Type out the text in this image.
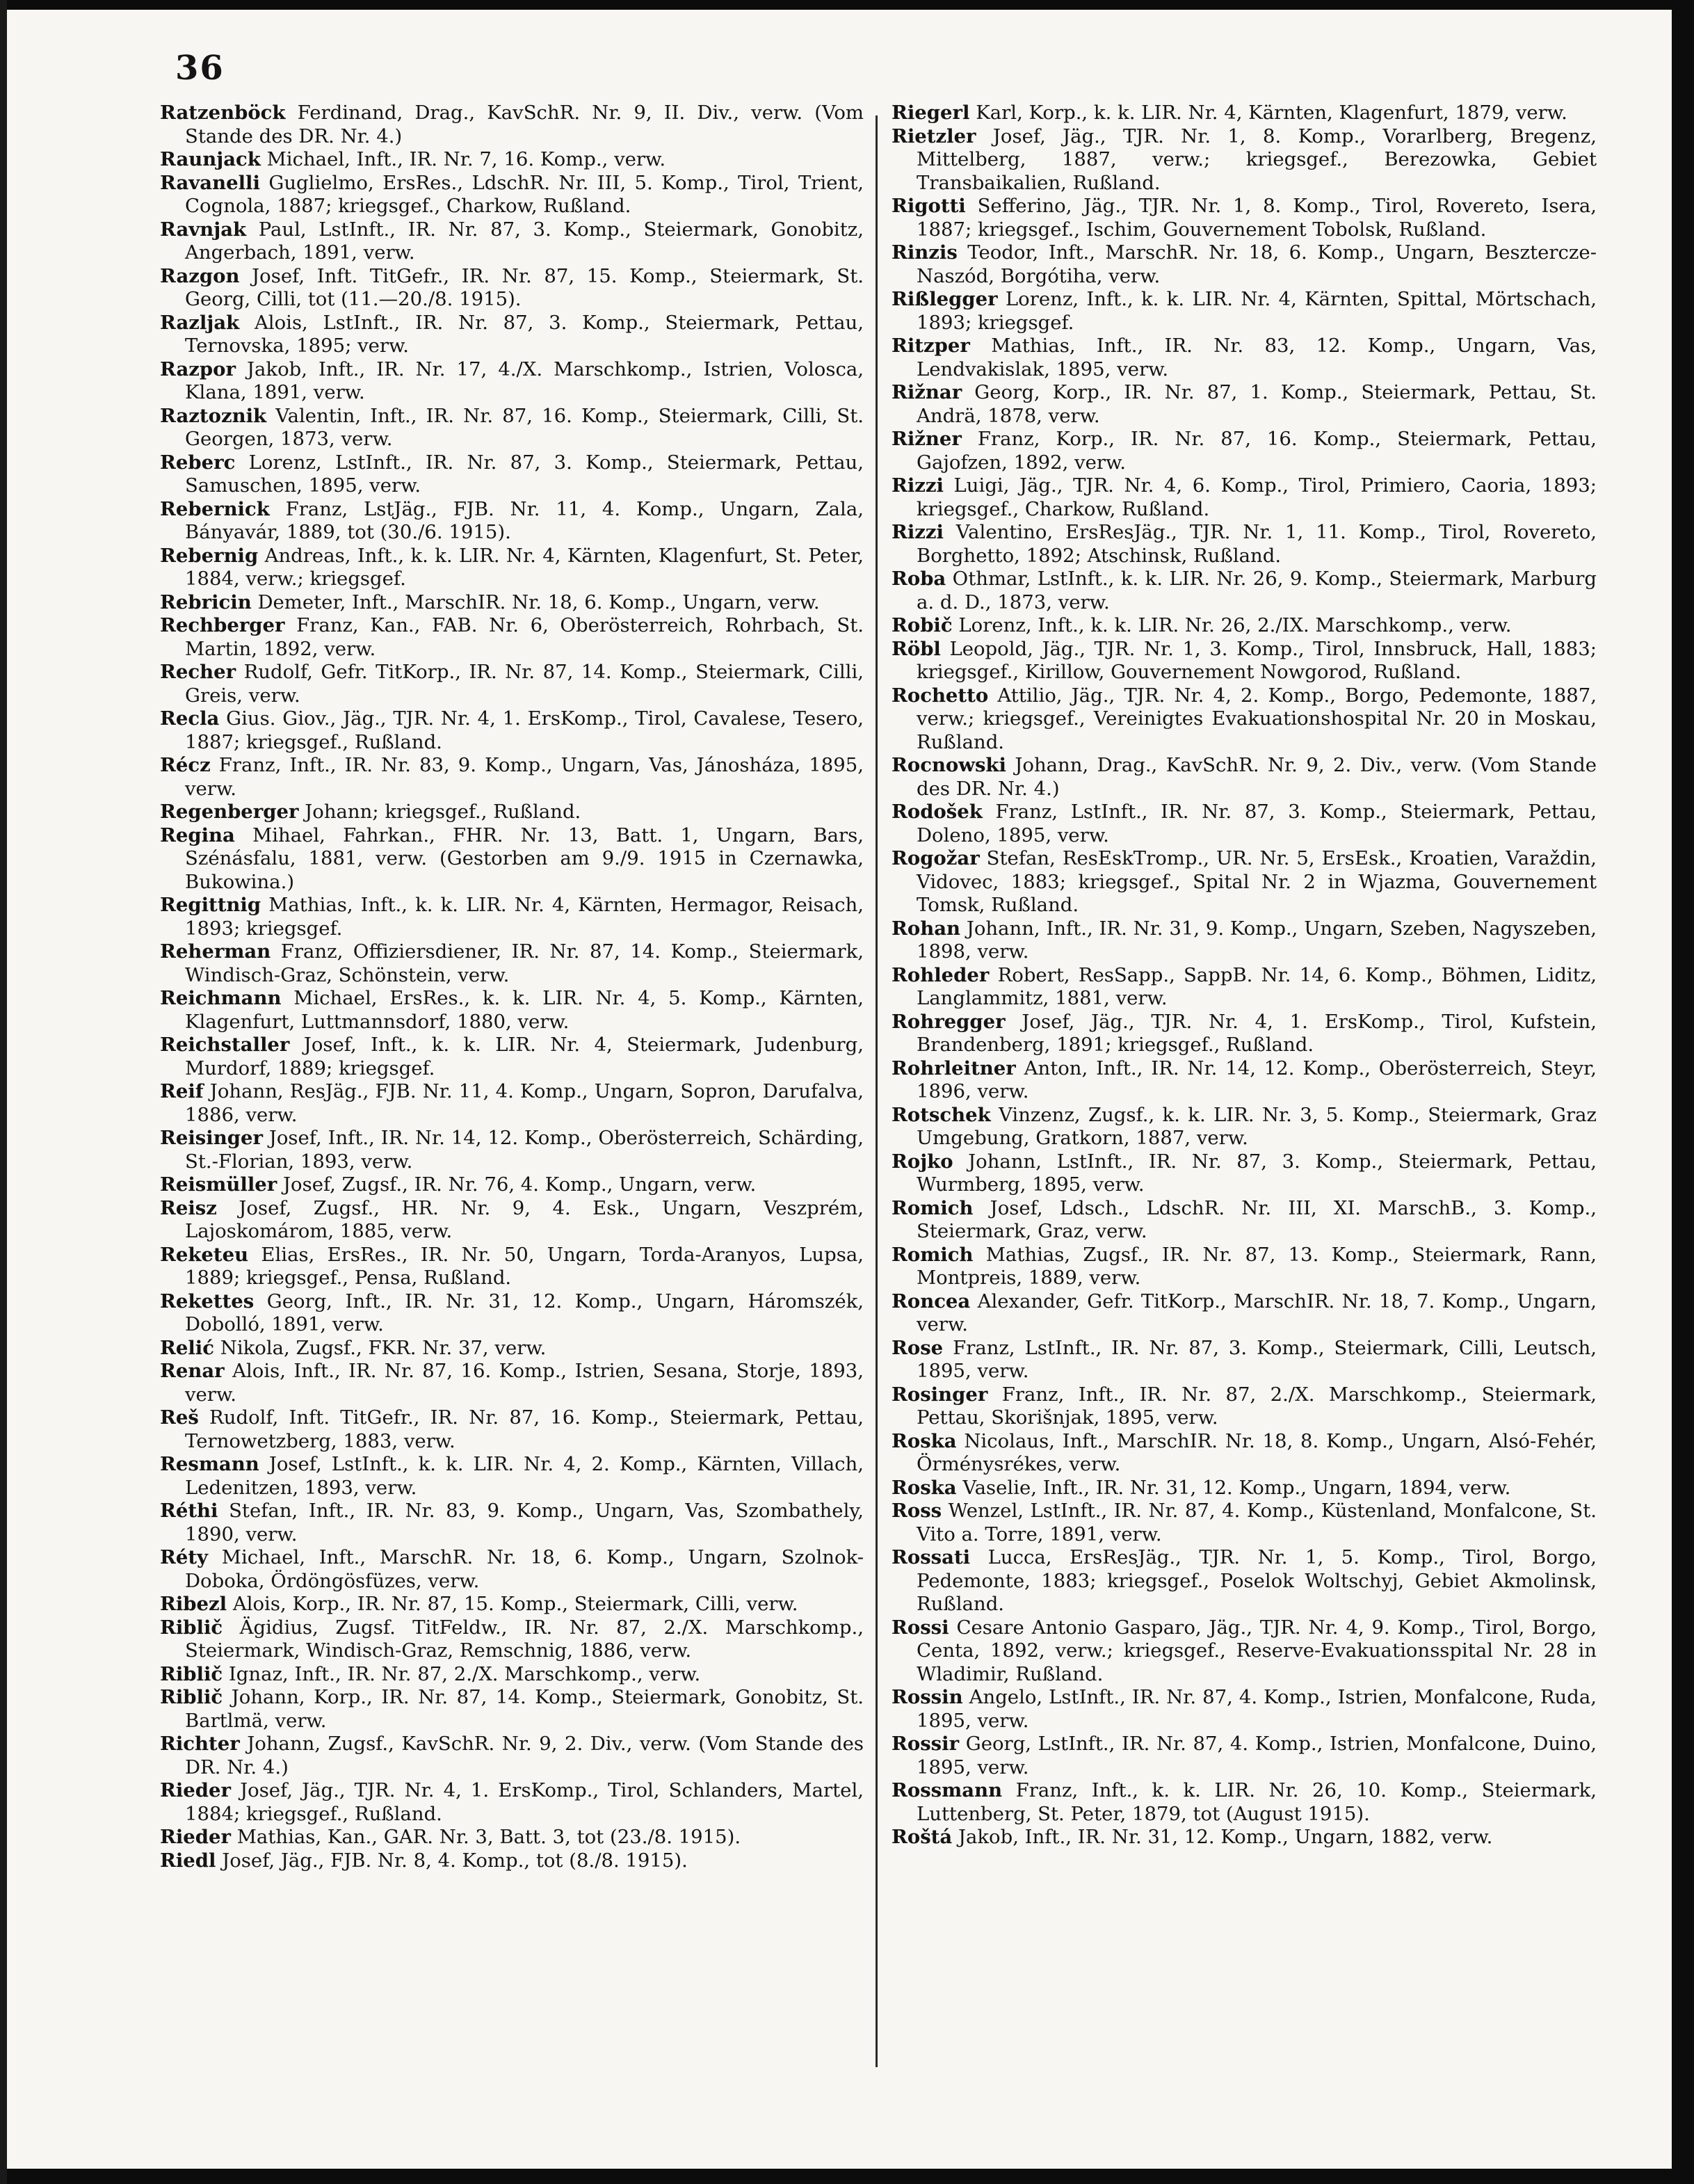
36

Ratzenböck Ferdinand, Drag., KavSchR. Nr. 9, II. Div., verw. (Vom Stande des DR. Nr. 4.)

Raunjack Michael, Inft., IR. Nr. 7, 16. Komp., verw.

Ravanelli Guglielmo, ErsRes., LdschR. Nr. III, 5. Komp., Tirol, Trient, Cognola, 1887; kriegsgef., Charkow, Rußland.

Ravnjak Paul, LstInft., IR. Nr. 87, 3. Komp., Steiermark, Gonobitz, Angerbach, 1891, verw.

Razgon Josef, Inft. TitGefr., IR. Nr. 87, 15. Komp., Steiermark, St. Georg, Cilli, tot (11.—20./8. 1915).

Razljak Alois, LstInft., IR. Nr. 87, 3. Komp., Steiermark, Pettau, Ternovska, 1895; verw.

Razpor Jakob, Inft., IR. Nr. 17, 4./X. Marschkomp., Istrien, Volosca, Klana, 1891, verw.

Raztoznik Valentin, Inft., IR. Nr. 87, 16. Komp., Steiermark, Cilli, St. Georgen, 1873, verw.

Reberc Lorenz, LstInft., IR. Nr. 87, 3. Komp., Steiermark, Pettau, Samuschen, 1895, verw.

Rebernick Franz, LstJäg., FJB. Nr. 11, 4. Komp., Ungarn, Zala, Bányavár, 1889, tot (30./6. 1915).

Rebernig Andreas, Inft., k. k. LIR. Nr. 4, Kärnten, Klagenfurt, St. Peter, 1884, verw.; kriegsgef.

Rebricin Demeter, Inft., MarschIR. Nr. 18, 6. Komp., Ungarn, verw.

Rechberger Franz, Kan., FAB. Nr. 6, Oberösterreich, Rohrbach, St. Martin, 1892, verw.

Recher Rudolf, Gefr. TitKorp., IR. Nr. 87, 14. Komp., Steiermark, Cilli, Greis, verw.

Recla Gius. Giov., Jäg., TJR. Nr. 4, 1. ErsKomp., Tirol, Cavalese, Tesero, 1887; kriegsgef., Rußland.

Récz Franz, Inft., IR. Nr. 83, 9. Komp., Ungarn, Vas, Jánosháza, 1895, verw.

Regenberger Johann; kriegsgef., Rußland.

Regina Mihael, Fahrkan., FHR. Nr. 13, Batt. 1, Ungarn, Bars, Szénásfalu, 1881, verw. (Gestorben am 9./9. 1915 in Czernawka, Bukowina.)

Regittnig Mathias, Inft., k. k. LIR. Nr. 4, Kärnten, Hermagor, Reisach, 1893; kriegsgef.

Reherman Franz, Offiziersdiener, IR. Nr. 87, 14. Komp., Steiermark, Windisch-Graz, Schönstein, verw.

Reichmann Michael, ErsRes., k. k. LIR. Nr. 4, 5. Komp., Kärnten, Klagenfurt, Luttmannsdorf, 1880, verw.

Reichstaller Josef, Inft., k. k. LIR. Nr. 4, Steiermark, Judenburg, Murdorf, 1889; kriegsgef.

Reif Johann, ResJäg., FJB. Nr. 11, 4. Komp., Ungarn, Sopron, Darufalva, 1886, verw.

Reisinger Josef, Inft., IR. Nr. 14, 12. Komp., Oberösterreich, Schärding, St.-Florian, 1893, verw.

Reismüller Josef, Zugsf., IR. Nr. 76, 4. Komp., Ungarn, verw.

Reisz Josef, Zugsf., HR. Nr. 9, 4. Esk., Ungarn, Veszprém, Lajoskomárom, 1885, verw.

Reketeu Elias, ErsRes., IR. Nr. 50, Ungarn, Torda-Aranyos, Lupsa, 1889; kriegsgef., Pensa, Rußland.

Rekettes Georg, Inft., IR. Nr. 31, 12. Komp., Ungarn, Háromszék, Dobolló, 1891, verw.

Relić Nikola, Zugsf., FKR. Nr. 37, verw.

Renar Alois, Inft., IR. Nr. 87, 16. Komp., Istrien, Sesana, Storje, 1893, verw.

Reš Rudolf, Inft. TitGefr., IR. Nr. 87, 16. Komp., Steiermark, Pettau, Ternowetzberg, 1883, verw.

Resmann Josef, LstInft., k. k. LIR. Nr. 4, 2. Komp., Kärnten, Villach, Ledenitzen, 1893, verw.

Réthi Stefan, Inft., IR. Nr. 83, 9. Komp., Ungarn, Vas, Szombathely, 1890, verw.

Réty Michael, Inft., MarschR. Nr. 18, 6. Komp., Ungarn, Szolnok-Doboka, Ördöngösfüzes, verw.

Ribezl Alois, Korp., IR. Nr. 87, 15. Komp., Steiermark, Cilli, verw.

Riblič Ägidius, Zugsf. TitFeldw., IR. Nr. 87, 2./X. Marschkomp., Steiermark, Windisch-Graz, Remschnig, 1886, verw.

Riblič Ignaz, Inft., IR. Nr. 87, 2./X. Marschkomp., verw.

Riblič Johann, Korp., IR. Nr. 87, 14. Komp., Steiermark, Gonobitz, St. Bartlmä, verw.

Richter Johann, Zugsf., KavSchR. Nr. 9, 2. Div., verw. (Vom Stande des DR. Nr. 4.)

Rieder Josef, Jäg., TJR. Nr. 4, 1. ErsKomp., Tirol, Schlanders, Martel, 1884; kriegsgef., Rußland.

Rieder Mathias, Kan., GAR. Nr. 3, Batt. 3, tot (23./8. 1915).

Riedl Josef, Jäg., FJB. Nr. 8, 4. Komp., tot (8./8. 1915).

Riegerl Karl, Korp., k. k. LIR. Nr. 4, Kärnten, Klagenfurt, 1879, verw.

Rietzler Josef, Jäg., TJR. Nr. 1, 8. Komp., Vorarlberg, Bregenz, Mittelberg, 1887, verw.; kriegsgef., Berezowka, Gebiet Transbaikalien, Rußland.

Rigotti Sefferino, Jäg., TJR. Nr. 1, 8. Komp., Tirol, Rovereto, Isera, 1887; kriegsgef., Ischim, Gouvernement Tobolsk, Rußland.

Rinzis Teodor, Inft., MarschR. Nr. 18, 6. Komp., Ungarn, Besztercze-Naszód, Borgótiha, verw.

Rißlegger Lorenz, Inft., k. k. LIR. Nr. 4, Kärnten, Spittal, Mörtschach, 1893; kriegsgef.

Ritzper Mathias, Inft., IR. Nr. 83, 12. Komp., Ungarn, Vas, Lendvakislak, 1895, verw.

Rižnar Georg, Korp., IR. Nr. 87, 1. Komp., Steiermark, Pettau, St. Andrä, 1878, verw.

Rižner Franz, Korp., IR. Nr. 87, 16. Komp., Steiermark, Pettau, Gajofzen, 1892, verw.

Rizzi Luigi, Jäg., TJR. Nr. 4, 6. Komp., Tirol, Primiero, Caoria, 1893; kriegsgef., Charkow, Rußland.

Rizzi Valentino, ErsResJäg., TJR. Nr. 1, 11. Komp., Tirol, Rovereto, Borghetto, 1892; Atschinsk, Rußland.

Roba Othmar, LstInft., k. k. LIR. Nr. 26, 9. Komp., Steiermark, Marburg a. d. D., 1873, verw.

Robič Lorenz, Inft., k. k. LIR. Nr. 26, 2./IX. Marschkomp., verw.

Röbl Leopold, Jäg., TJR. Nr. 1, 3. Komp., Tirol, Innsbruck, Hall, 1883; kriegsgef., Kirillow, Gouvernement Nowgorod, Rußland.

Rochetto Attilio, Jäg., TJR. Nr. 4, 2. Komp., Borgo, Pedemonte, 1887, verw.; kriegsgef., Vereinigtes Evakuationshospital Nr. 20 in Moskau, Rußland.

Rocnowski Johann, Drag., KavSchR. Nr. 9, 2. Div., verw. (Vom Stande des DR. Nr. 4.)

Rodošek Franz, LstInft., IR. Nr. 87, 3. Komp., Steiermark, Pettau, Doleno, 1895, verw.

Rogožar Stefan, ResEskTromp., UR. Nr. 5, ErsEsk., Kroatien, Varaždin, Vidovec, 1883; kriegsgef., Spital Nr. 2 in Wjazma, Gouvernement Tomsk, Rußland.

Rohan Johann, Inft., IR. Nr. 31, 9. Komp., Ungarn, Szeben, Nagyszeben, 1898, verw.

Rohleder Robert, ResSapp., SappB. Nr. 14, 6. Komp., Böhmen, Liditz, Langlammitz, 1881, verw.

Rohregger Josef, Jäg., TJR. Nr. 4, 1. ErsKomp., Tirol, Kufstein, Brandenberg, 1891; kriegsgef., Rußland.

Rohrleitner Anton, Inft., IR. Nr. 14, 12. Komp., Oberösterreich, Steyr, 1896, verw.

Rotschek Vinzenz, Zugsf., k. k. LIR. Nr. 3, 5. Komp., Steiermark, Graz Umgebung, Gratkorn, 1887, verw.

Rojko Johann, LstInft., IR. Nr. 87, 3. Komp., Steiermark, Pettau, Wurmberg, 1895, verw.

Romich Josef, Ldsch., LdschR. Nr. III, XI. MarschB., 3. Komp., Steiermark, Graz, verw.

Romich Mathias, Zugsf., IR. Nr. 87, 13. Komp., Steiermark, Rann, Montpreis, 1889, verw.

Roncea Alexander, Gefr. TitKorp., MarschIR. Nr. 18, 7. Komp., Ungarn, verw.

Rose Franz, LstInft., IR. Nr. 87, 3. Komp., Steiermark, Cilli, Leutsch, 1895, verw.

Rosinger Franz, Inft., IR. Nr. 87, 2./X. Marschkomp., Steiermark, Pettau, Skorišnjak, 1895, verw.

Roska Nicolaus, Inft., MarschIR. Nr. 18, 8. Komp., Ungarn, Alsó-Fehér, Örménysrékes, verw.

Roska Vaselie, Inft., IR. Nr. 31, 12. Komp., Ungarn, 1894, verw.

Ross Wenzel, LstInft., IR. Nr. 87, 4. Komp., Küstenland, Monfalcone, St. Vito a. Torre, 1891, verw.

Rossati Lucca, ErsResJäg., TJR. Nr. 1, 5. Komp., Tirol, Borgo, Pedemonte, 1883; kriegsgef., Poselok Woltschyj, Gebiet Akmolinsk, Rußland.

Rossi Cesare Antonio Gasparo, Jäg., TJR. Nr. 4, 9. Komp., Tirol, Borgo, Centa, 1892, verw.; kriegsgef., Reserve-Evakuationsspital Nr. 28 in Wladimir, Rußland.

Rossin Angelo, LstInft., IR. Nr. 87, 4. Komp., Istrien, Monfalcone, Ruda, 1895, verw.

Rossir Georg, LstInft., IR. Nr. 87, 4. Komp., Istrien, Monfalcone, Duino, 1895, verw.

Rossmann Franz, Inft., k. k. LIR. Nr. 26, 10. Komp., Steiermark, Luttenberg, St. Peter, 1879, tot (August 1915).

Roštá Jakob, Inft., IR. Nr. 31, 12. Komp., Ungarn, 1882, verw.
